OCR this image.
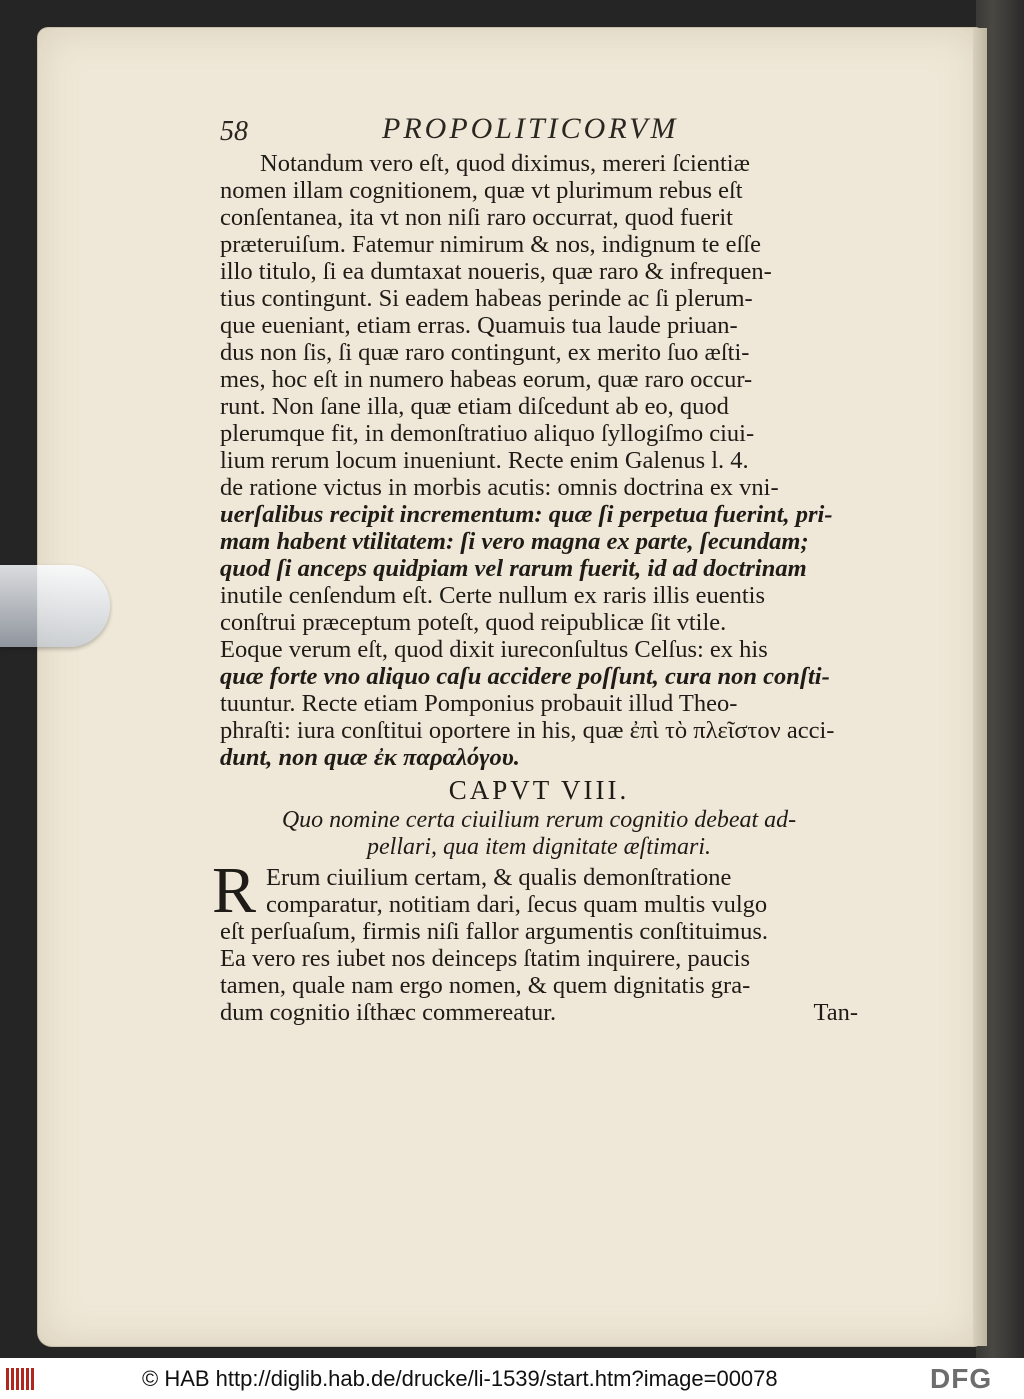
58	PROPOLITICORVM
Notandum vero eſt, quod diximus, mereri ſcientiæ
nomen illam cognitionem, quæ vt plurimum rebus eſt
conſentanea, ita vt non niſi raro occurrat, quod fuerit
præteruiſum. Fatemur nimirum & nos, indignum te eſſe
illo titulo, ſi ea dumtaxat noueris, quæ raro & infrequen-
tius contingunt. Si eadem habeas perinde ac ſi plerum-
que eueniant, etiam erras. Quamuis tua laude priuan-
dus non ſis, ſi quæ raro contingunt, ex merito ſuo æſti-
mes, hoc eſt in numero habeas eorum, quæ raro occur-
runt. Non ſane illa, quæ etiam diſcedunt ab eo, quod
plerumque fit, in demonſtratiuo aliquo ſyllogiſmo ciui-
lium rerum locum inueniunt. Recte enim Galenus l. 4.
de ratione victus in morbis acutis: omnis doctrina ex vni-
uerſalibus recipit incrementum: quæ ſi perpetua fuerint, pri-
mam habent vtilitatem: ſi vero magna ex parte, ſecundam;
quod ſi anceps quidpiam vel rarum fuerit, id ad doctrinam
inutile cenſendum eſt. Certe nullum ex raris illis euentis
conſtrui præceptum poteſt, quod reipublicæ ſit vtile.
Eoque verum eſt, quod dixit iureconſultus Celſus: ex his
quæ forte vno aliquo caſu accidere poſſunt, cura non conſti-
tuuntur. Recte etiam Pomponius probauit illud Theo-
phraſti: iura conſtitui oportere in his, quæ ἐπὶ τὸ πλεῖστον acci-
dunt, non quæ ἐκ παραλόγου.
CAPVT VIII.
Quo nomine certa ciuilium rerum cognitio debeat ad-
pellari, qua item dignitate æſtimari.
R Erum ciuilium certam, & qualis demonſtratione
comparatur, notitiam dari, ſecus quam multis vulgo
eſt perſuaſum, firmis niſi fallor argumentis conſtituimus.
Ea vero res iubet nos deinceps ſtatim inquirere, paucis
tamen, quale nam ergo nomen, & quem dignitatis gra-
dum cognitio iſthæc commereatur.	Tan-
© HAB http://diglib.hab.de/drucke/li-1539/start.htm?image=00078	DFG
